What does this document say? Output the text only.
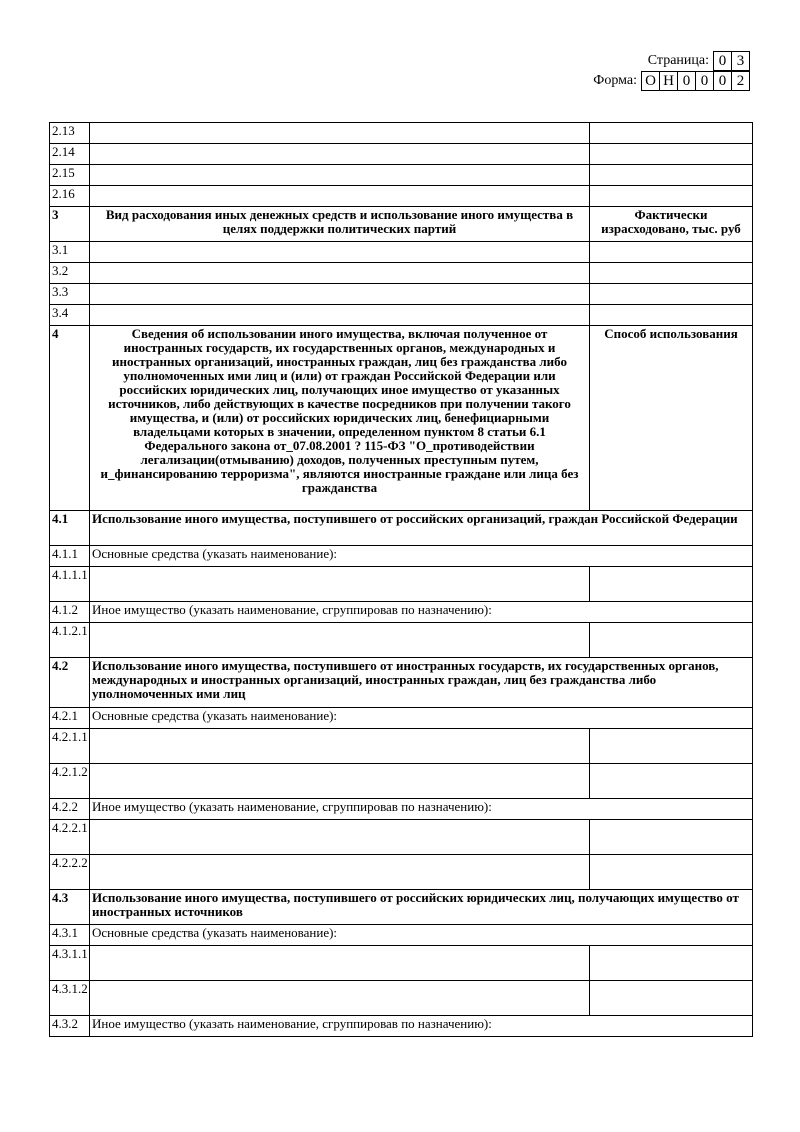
Страница: 0 3
Форма: О Н 0 0 0 2
2.13		
2.14		
2.15		
2.16		
3	Вид расходования иных денежных средств и использование иного имущества в целях поддержки политических партий	Фактически израсходовано, тыс. руб
3.1		
3.2		
3.3		
3.4		
4	Сведения об использовании иного имущества, включая полученное от иностранных государств, их государственных органов, международных и иностранных организаций, иностранных граждан, лиц без гражданства либо уполномоченных ими лиц и (или) от граждан Российской Федерации или российских юридических лиц, получающих иное имущество от указанных источников, либо действующих в качестве посредников при получении такого имущества, и (или) от российских юридических лиц, бенефициарными владельцами которых в значении, определенном пунктом 8 статьи 6.1 Федерального закона от_07.08.2001 ? 115-ФЗ "О_противодействии легализации(отмыванию) доходов, полученных преступным путем, и_финансированию терроризма", являются иностранные граждане или лица без гражданства	Способ использования
4.1	Использование иного имущества, поступившего от российских организаций, граждан Российской Федерации	
4.1.1	Основные средства (указать наименование):	
4.1.1.1		
4.1.2	Иное имущество (указать наименование, сгруппировав по назначению):	
4.1.2.1		
4.2	Использование иного имущества, поступившего от иностранных государств, их государственных органов, международных и иностранных организаций, иностранных граждан, лиц без гражданства либо уполномоченных ими лиц	
4.2.1	Основные средства (указать наименование):	
4.2.1.1		
4.2.1.2		
4.2.2	Иное имущество (указать наименование, сгруппировав по назначению):	
4.2.2.1		
4.2.2.2		
4.3	Использование иного имущества, поступившего от российских юридических лиц, получающих имущество от иностранных источников	
4.3.1	Основные средства (указать наименование):	
4.3.1.1		
4.3.1.2		
4.3.2	Иное имущество (указать наименование, сгруппировав по назначению):	
